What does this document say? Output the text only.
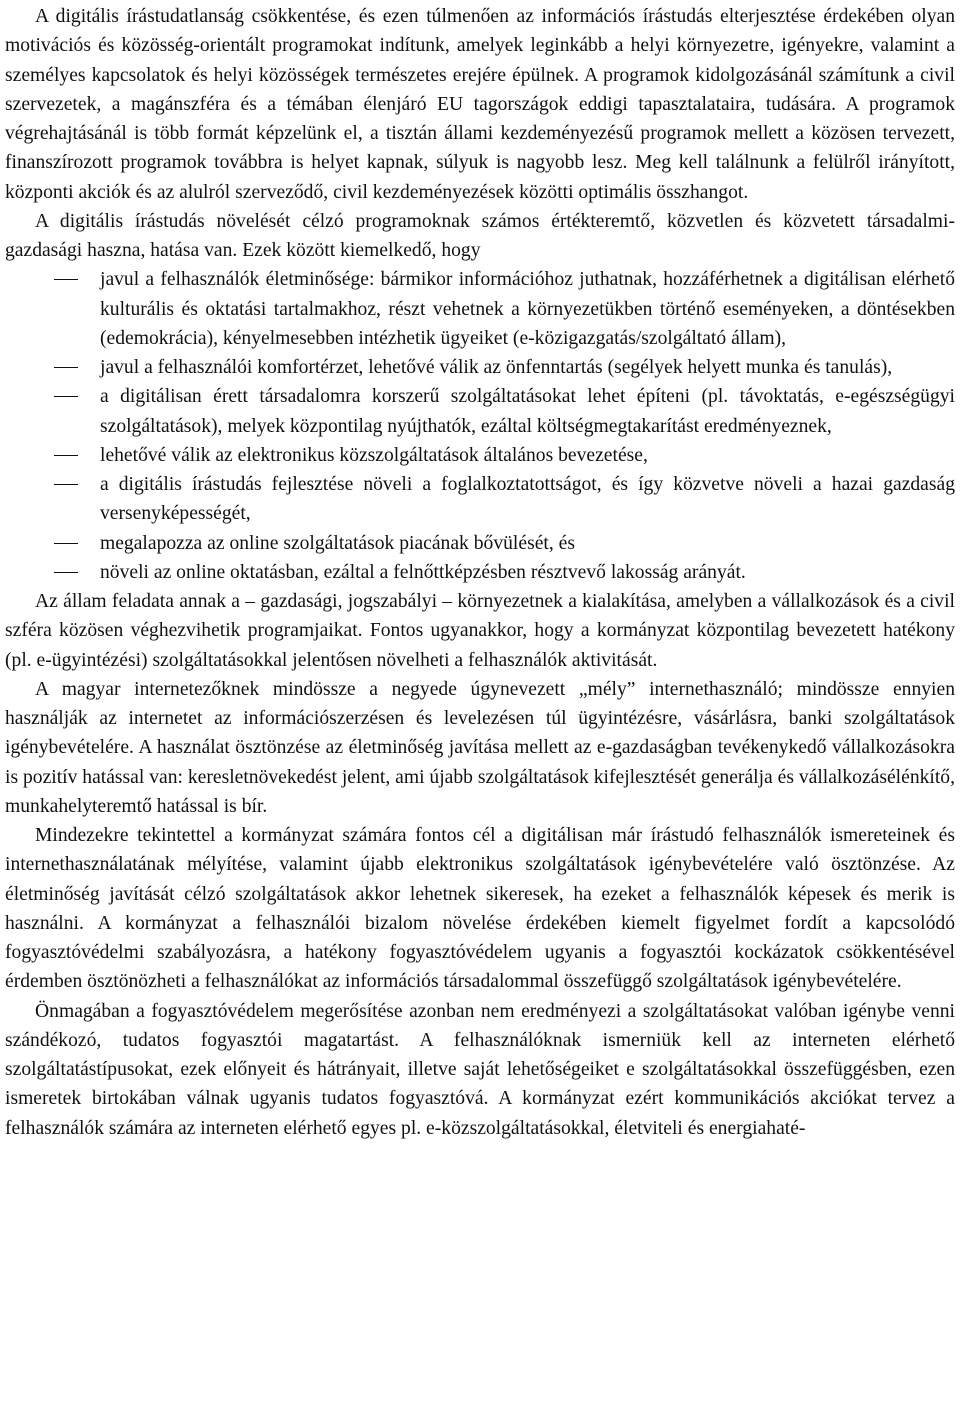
A digitális írástudatlanság csökkentése, és ezen túlmenően az információs írástudás elterjesztése érdekében olyan motivációs és közösség-orientált programokat indítunk, amelyek leginkább a helyi környezetre, igényekre, valamint a személyes kapcsolatok és helyi közösségek természetes erejére épülnek. A programok kidolgozásánál számítunk a civil szervezetek, a magánszféra és a témában élenjáró EU tagországok eddigi tapasztalataira, tudására. A programok végrehajtásánál is több formát képzelünk el, a tisztán állami kezdeményezésű programok mellett a közösen tervezett, finanszírozott programok továbbra is helyet kapnak, súlyuk is nagyobb lesz. Meg kell találnunk a felülről irányított, központi akciók és az alulról szerveződő, civil kezdeményezések közötti optimális összhangot.

A digitális írástudás növelését célzó programoknak számos értékteremtő, közvetlen és közvetett társadalmi-gazdasági haszna, hatása van. Ezek között kiemelkedő, hogy

javul a felhasználók életminősége: bármikor információhoz juthatnak, hozzáférhetnek a digitálisan elérhető kulturális és oktatási tartalmakhoz, részt vehetnek a környezetükben történő eseményeken, a döntésekben (edemokrácia), kényelmesebben intézhetik ügyeiket (e-közigazgatás/szolgáltató állam),
javul a felhasználói komfortérzet, lehetővé válik az önfenntartás (segélyek helyett munka és tanulás),
a digitálisan érett társadalomra korszerű szolgáltatásokat lehet építeni (pl. távoktatás, e-egészségügyi szolgáltatások), melyek központilag nyújthatók, ezáltal költségmegtakarítást eredményeznek,
lehetővé válik az elektronikus közszolgáltatások általános bevezetése,
a digitális írástudás fejlesztése növeli a foglalkoztatottságot, és így közvetve növeli a hazai gazdaság versenyképességét,
megalapozza az online szolgáltatások piacának bővülését, és
növeli az online oktatásban, ezáltal a felnőttképzésben résztvevő lakosság arányát.

Az állam feladata annak a – gazdasági, jogszabályi – környezetnek a kialakítása, amelyben a vállalkozások és a civil szféra közösen véghezvihetik programjaikat. Fontos ugyanakkor, hogy a kormányzat központilag bevezetett hatékony (pl. e-ügyintézési) szolgáltatásokkal jelentősen növelheti a felhasználók aktivitását.

A magyar internetezőknek mindössze a negyede úgynevezett „mély” internethasználó; mindössze ennyien használják az internetet az információszerzésen és levelezésen túl ügyintézésre, vásárlásra, banki szolgáltatások igénybevételére. A használat ösztönzése az életminőség javítása mellett az e-gazdaságban tevékenykedő vállalkozásokra is pozitív hatással van: keresletnövekedést jelent, ami újabb szolgáltatások kifejlesztését generálja és vállalkozásélénkítő, munkahelyteremtő hatással is bír.

Mindezekre tekintettel a kormányzat számára fontos cél a digitálisan már írástudó felhasználók ismereteinek és internethasználatának mélyítése, valamint újabb elektronikus szolgáltatások igénybevételére való ösztönzése. Az életminőség javítását célzó szolgáltatások akkor lehetnek sikeresek, ha ezeket a felhasználók képesek és merik is használni. A kormányzat a felhasználói bizalom növelése érdekében kiemelt figyelmet fordít a kapcsolódó fogyasztóvédelmi szabályozásra, a hatékony fogyasztóvédelem ugyanis a fogyasztói kockázatok csökkentésével érdemben ösztönözheti a felhasználókat az információs társadalommal összefüggő szolgáltatások igénybevételére.

Önmagában a fogyasztóvédelem megerősítése azonban nem eredményezi a szolgáltatásokat valóban igénybe venni szándékozó, tudatos fogyasztói magatartást. A felhasználóknak ismerniük kell az interneten elérhető szolgáltatástípusokat, ezek előnyeit és hátrányait, illetve saját lehetőségeiket e szolgáltatásokkal összefüggésben, ezen ismeretek birtokában válnak ugyanis tudatos fogyasztóvá. A kormányzat ezért kommunikációs akciókat tervez a felhasználók számára az interneten elérhető egyes pl. e-közszolgáltatásokkal, életviteli és energiahaté-
